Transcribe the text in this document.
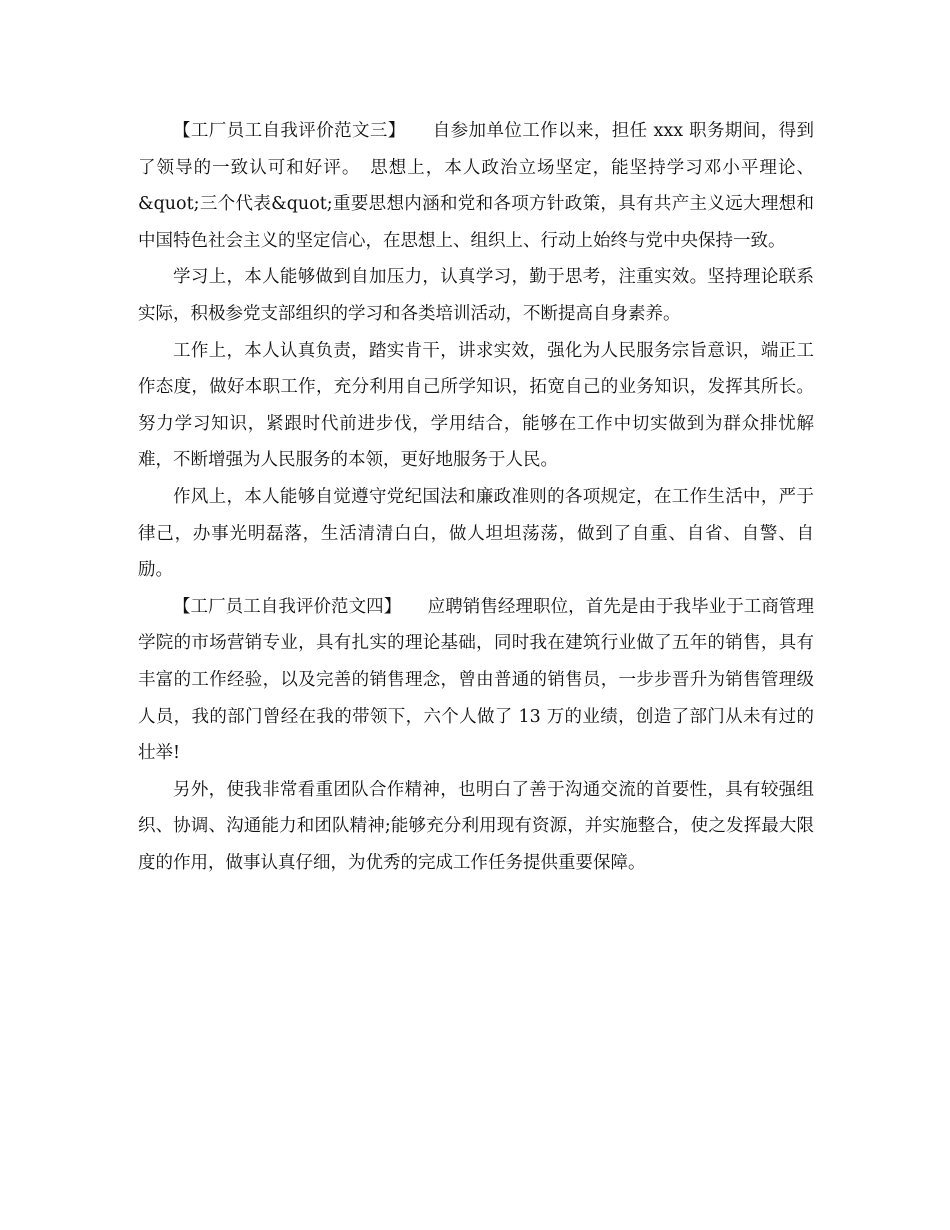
【工厂员工自我评价范文三】　　自参加单位工作以来，担任 xxx 职务期间，得到了领导的一致认可和好评。　思想上，本人政治立场坚定，能坚持学习邓小平理论、&quot;三个代表&quot;重要思想内涵和党和各项方针政策，具有共产主义远大理想和中国特色社会主义的坚定信心，在思想上、组织上、行动上始终与党中央保持一致。

学习上，本人能够做到自加压力，认真学习，勤于思考，注重实效。坚持理论联系实际，积极参党支部组织的学习和各类培训活动，不断提高自身素养。

工作上，本人认真负责，踏实肯干，讲求实效，强化为人民服务宗旨意识，端正工作态度，做好本职工作，充分利用自己所学知识，拓宽自己的业务知识，发挥其所长。努力学习知识，紧跟时代前进步伐，学用结合，能够在工作中切实做到为群众排忧解难，不断增强为人民服务的本领，更好地服务于人民。

作风上，本人能够自觉遵守党纪国法和廉政准则的各项规定，在工作生活中，严于律己，办事光明磊落，生活清清白白，做人坦坦荡荡，做到了自重、自省、自警、自励。

【工厂员工自我评价范文四】　　应聘销售经理职位，首先是由于我毕业于工商管理学院的市场营销专业，具有扎实的理论基础，同时我在建筑行业做了五年的销售，具有丰富的工作经验，以及完善的销售理念，曾由普通的销售员，一步步晋升为销售管理级人员，我的部门曾经在我的带领下，六个人做了 13 万的业绩，创造了部门从未有过的壮举!

另外，使我非常看重团队合作精神，也明白了善于沟通交流的首要性，具有较强组织、协调、沟通能力和团队精神;能够充分利用现有资源，并实施整合，使之发挥最大限度的作用，做事认真仔细，为优秀的完成工作任务提供重要保障。
